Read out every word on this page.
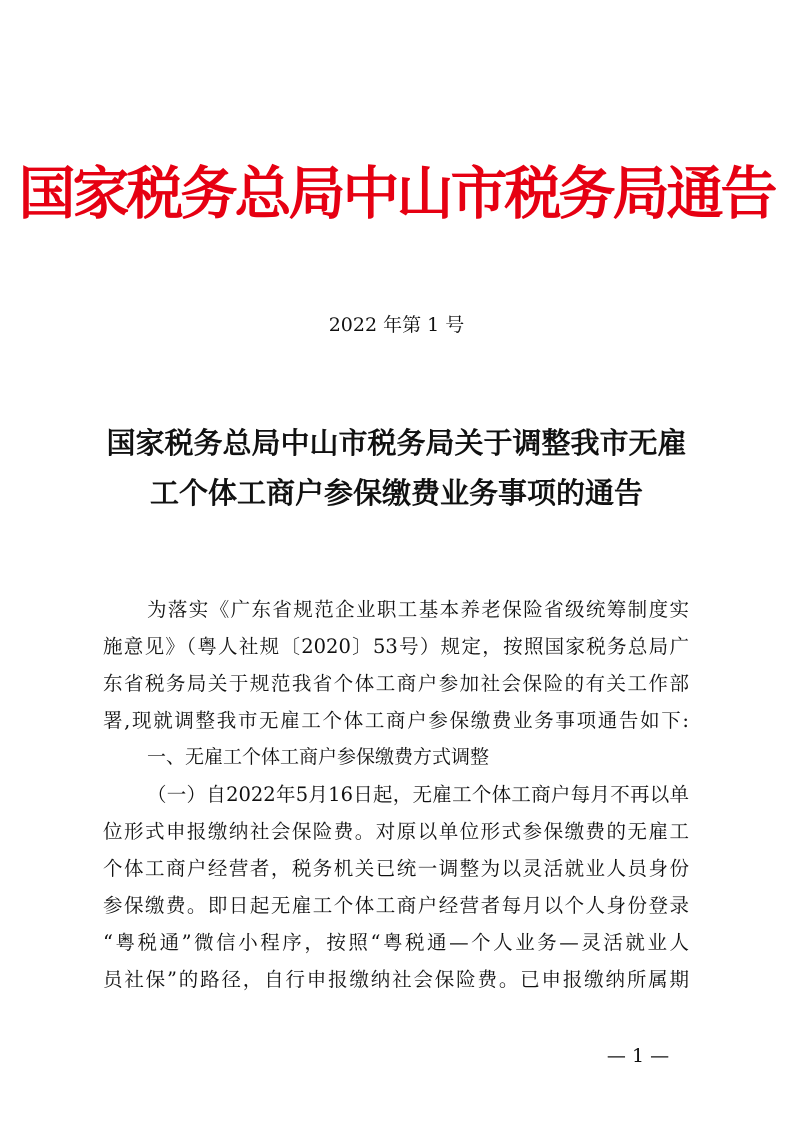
国家税务总局中山市税务局通告
2022 年第 1 号
国家税务总局中山市税务局关于调整我市无雇
工个体工商户参保缴费业务事项的通告
为落实《广东省规范企业职工基本养老保险省级统筹制度实
施意见》（粤人社规〔2020〕53号）规定，按照国家税务总局广
东省税务局关于规范我省个体工商户参加社会保险的有关工作部
署,现就调整我市无雇工个体工商户参保缴费业务事项通告如下:
一、无雇工个体工商户参保缴费方式调整
（一）自2022年5月16日起，无雇工个体工商户每月不再以单
位形式申报缴纳社会保险费。对原以单位形式参保缴费的无雇工
个体工商户经营者，税务机关已统一调整为以灵活就业人员身份
参保缴费。即日起无雇工个体工商户经营者每月以个人身份登录
“粤税通”微信小程序，按照“粤税通—个人业务—灵活就业人
员社保”的路径，自行申报缴纳社会保险费。已申报缴纳所属期
— 1 —
